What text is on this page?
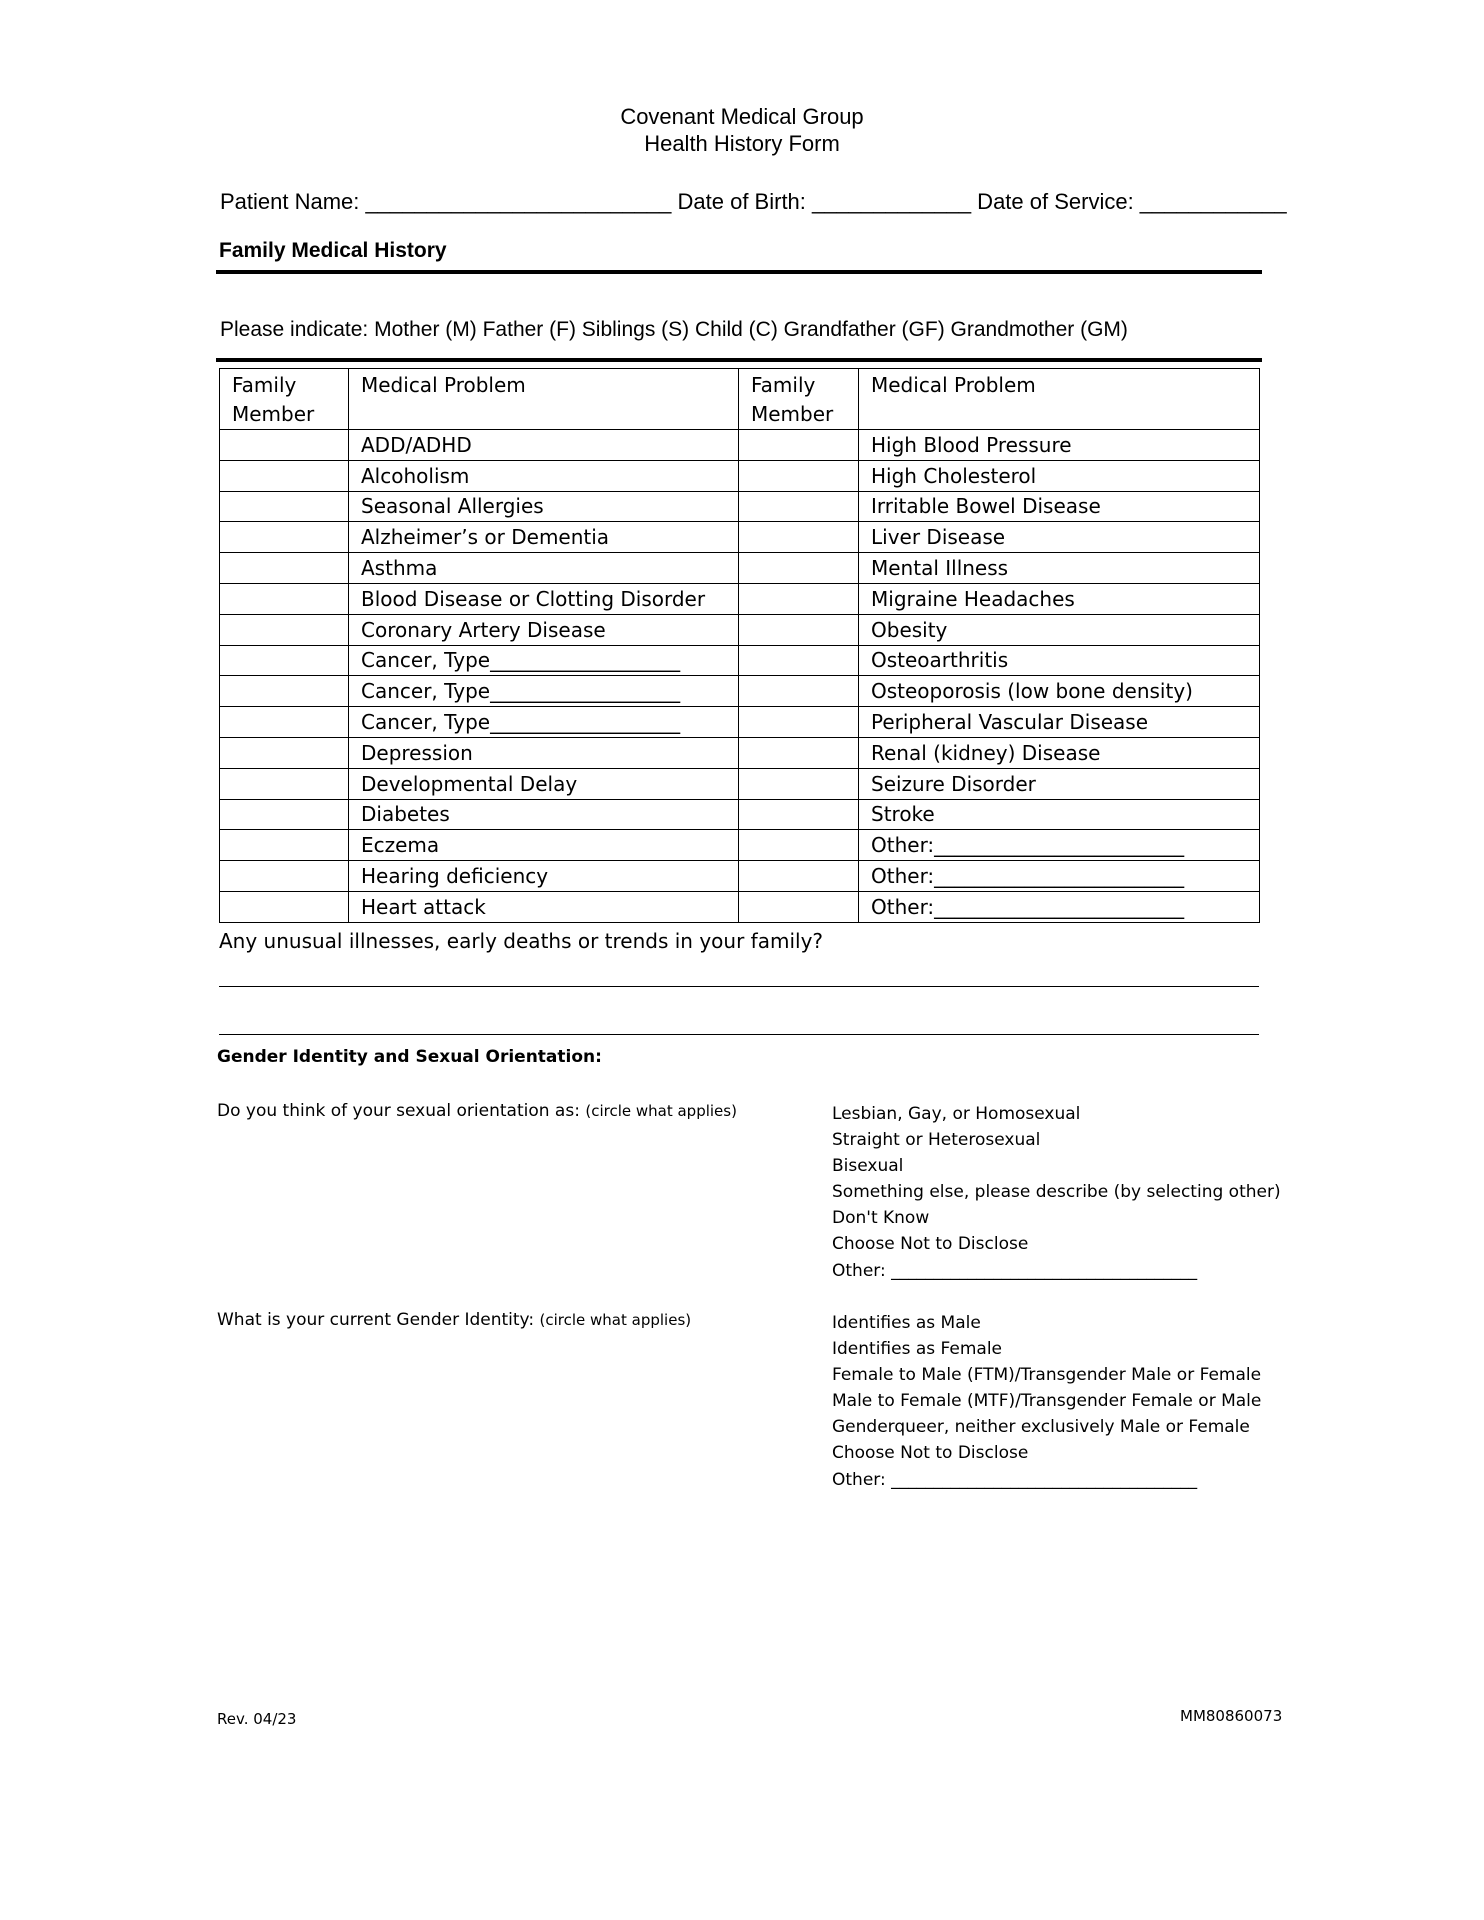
Covenant Medical Group
Health History Form
Patient Name: _________________________ Date of Birth: _____________ Date of Service: ____________
Family Medical History
Please indicate: Mother (M) Father (F) Siblings (S) Child (C) Grandfather (GF) Grandmother (GM)
Family Member	Medical Problem	Family Member	Medical Problem
	ADD/ADHD		High Blood Pressure
	Alcoholism		High Cholesterol
	Seasonal Allergies		Irritable Bowel Disease
	Alzheimer’s or Dementia		Liver Disease
	Asthma		Mental Illness
	Blood Disease or Clotting Disorder		Migraine Headaches
	Coronary Artery Disease		Obesity
	Cancer, Type___________________		Osteoarthritis
	Cancer, Type___________________		Osteoporosis (low bone density)
	Cancer, Type___________________		Peripheral Vascular Disease
	Depression		Renal (kidney) Disease
	Developmental Delay		Seizure Disorder
	Diabetes		Stroke
	Eczema		Other:_________________________
	Hearing deficiency		Other:_________________________
	Heart attack		Other:_________________________
Any unusual illnesses, early deaths or trends in your family?
Gender Identity and Sexual Orientation:
Do you think of your sexual orientation as: (circle what applies)	Lesbian, Gay, or Homosexual
Straight or Heterosexual
Bisexual
Something else, please describe (by selecting other)
Don't Know
Choose Not to Disclose
Other: ____________________________________
What is your current Gender Identity: (circle what applies)	Identifies as Male
Identifies as Female
Female to Male (FTM)/Transgender Male or Female
Male to Female (MTF)/Transgender Female or Male
Genderqueer, neither exclusively Male or Female
Choose Not to Disclose
Other: ____________________________________
Rev. 04/23	MM80860073
